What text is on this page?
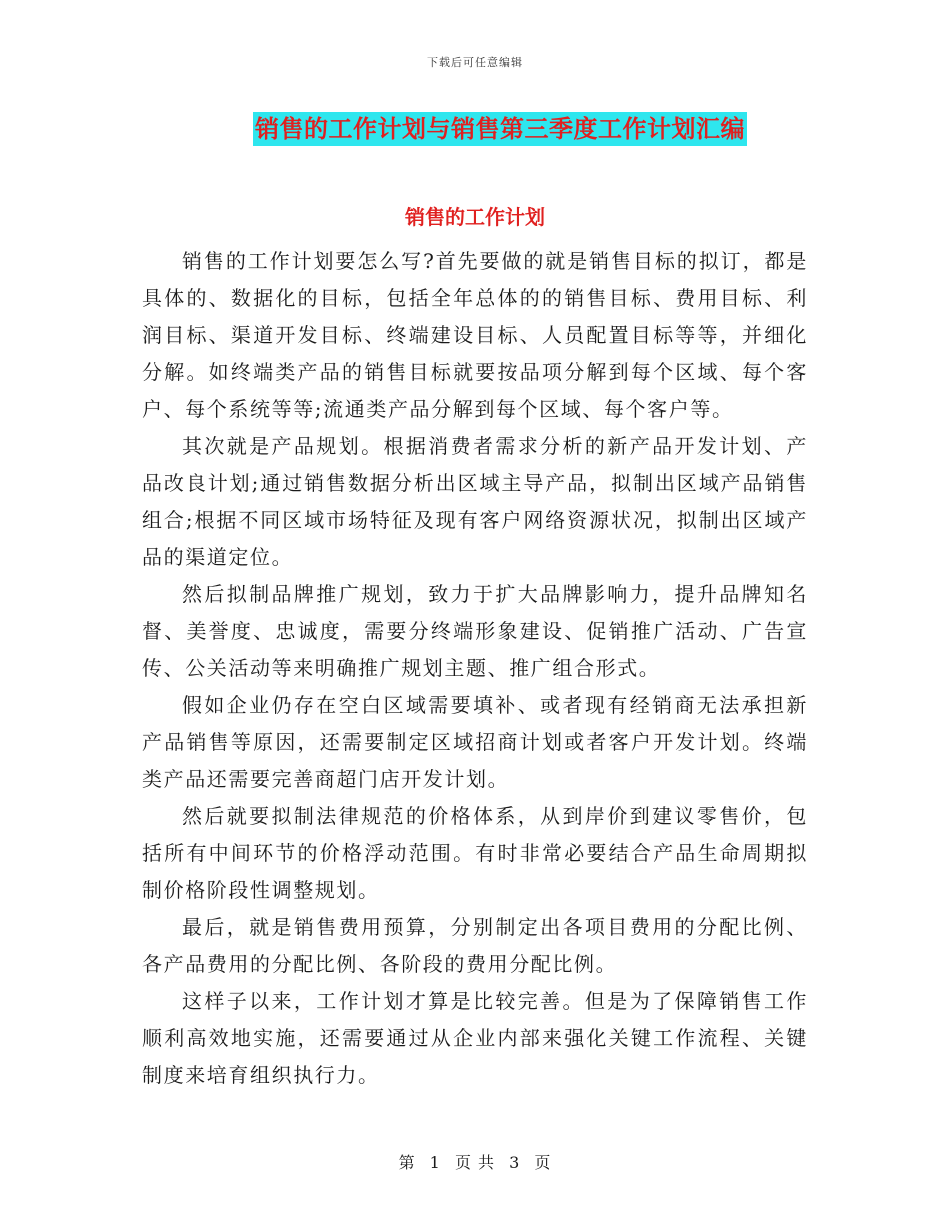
下载后可任意编辑
销售的工作计划与销售第三季度工作计划汇编
销售的工作计划

销售的工作计划要怎么写?首先要做的就是销售目标的拟订，都是具体的、数据化的目标，包括全年总体的的销售目标、费用目标、利润目标、渠道开发目标、终端建设目标、人员配置目标等等，并细化分解。如终端类产品的销售目标就要按品项分解到每个区域、每个客户、每个系统等等;流通类产品分解到每个区域、每个客户等。

其次就是产品规划。根据消费者需求分析的新产品开发计划、产品改良计划;通过销售数据分析出区域主导产品，拟制出区域产品销售组合;根据不同区域市场特征及现有客户网络资源状况，拟制出区域产品的渠道定位。

然后拟制品牌推广规划，致力于扩大品牌影响力，提升品牌知名督、美誉度、忠诚度，需要分终端形象建设、促销推广活动、广告宣传、公关活动等来明确推广规划主题、推广组合形式。

假如企业仍存在空白区域需要填补、或者现有经销商无法承担新产品销售等原因，还需要制定区域招商计划或者客户开发计划。终端类产品还需要完善商超门店开发计划。

然后就要拟制法律规范的价格体系，从到岸价到建议零售价，包括所有中间环节的价格浮动范围。有时非常必要结合产品生命周期拟制价格阶段性调整规划。

最后，就是销售费用预算，分别制定出各项目费用的分配比例、各产品费用的分配比例、各阶段的费用分配比例。

这样子以来，工作计划才算是比较完善。但是为了保障销售工作顺利高效地实施，还需要通过从企业内部来强化关键工作流程、关键制度来培育组织执行力。

第 1 页 共 3 页
